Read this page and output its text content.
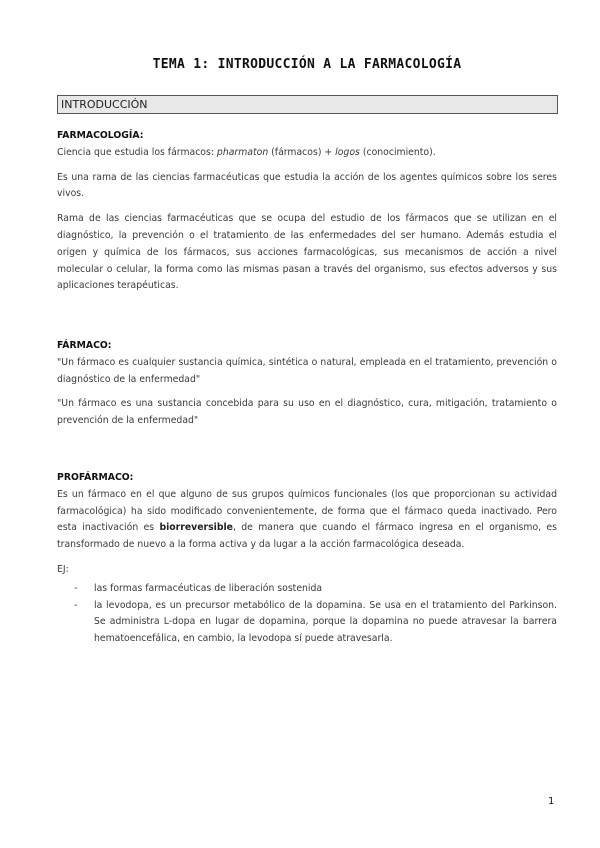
TEMA 1: INTRODUCCIÓN A LA FARMACOLOGÍA
INTRODUCCIÓN
FARMACOLOGÍA:

Ciencia que estudia los fármacos: pharmaton (fármacos) + logos (conocimiento).

Es una rama de las ciencias farmacéuticas que estudia la acción de los agentes químicos sobre los seres vivos.

Rama de las ciencias farmacéuticas que se ocupa del estudio de los fármacos que se utilizan en el diagnóstico, la prevención o el tratamiento de las enfermedades del ser humano. Además estudia el origen y química de los fármacos, sus acciones farmacológicas, sus mecanismos de acción a nivel molecular o celular, la forma como las mismas pasan a través del organismo, sus efectos adversos y sus aplicaciones terapéuticas.

FÁRMACO:

"Un fármaco es cualquier sustancia química, sintética o natural, empleada en el tratamiento, prevención o diagnóstico de la enfermedad"

"Un fármaco es una sustancia concebida para su uso en el diagnóstico, cura, mitigación, tratamiento o prevención de la enfermedad"

PROFÁRMACO:

Es un fármaco en el que alguno de sus grupos químicos funcionales (los que proporcionan su actividad farmacológica) ha sido modificado convenientemente, de forma que el fármaco queda inactivado. Pero esta inactivación es biorreversible, de manera que cuando el fármaco ingresa en el organismo, es transformado de nuevo a la forma activa y da lugar a la acción farmacológica deseada.

EJ:

- las formas farmacéuticas de liberación sostenida
- la levodopa, es un precursor metabólico de la dopamina. Se usa en el tratamiento del Parkinson. Se administra L-dopa en lugar de dopamina, porque la dopamina no puede atravesar la barrera hematoencefálica, en cambio, la levodopa sí puede atravesarla.
1
